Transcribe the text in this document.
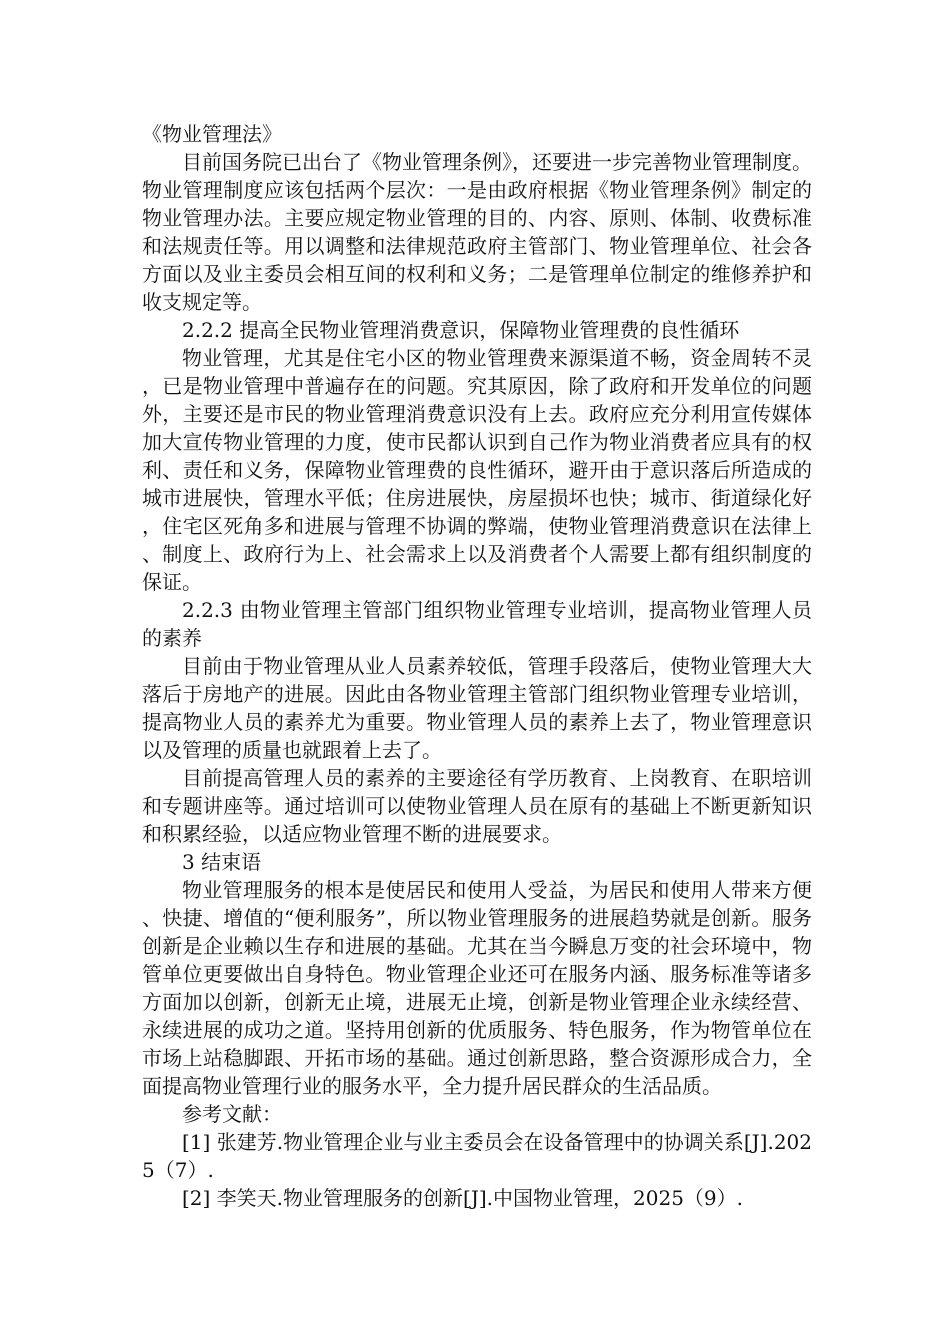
《物业管理法》

目前国务院已出台了《物业管理条例》，还要进一步完善物业管理制度。物业管理制度应该包括两个层次：一是由政府根据《物业管理条例》制定的物业管理办法。主要应规定物业管理的目的、内容、原则、体制、收费标准和法规责任等。用以调整和法律规范政府主管部门、物业管理单位、社会各方面以及业主委员会相互间的权利和义务；二是管理单位制定的维修养护和收支规定等。

2.2.2 提高全民物业管理消费意识，保障物业管理费的良性循环

物业管理，尤其是住宅小区的物业管理费来源渠道不畅，资金周转不灵，已是物业管理中普遍存在的问题。究其原因，除了政府和开发单位的问题外，主要还是市民的物业管理消费意识没有上去。政府应充分利用宣传媒体加大宣传物业管理的力度，使市民都认识到自己作为物业消费者应具有的权利、责任和义务，保障物业管理费的良性循环，避开由于意识落后所造成的城市进展快，管理水平低；住房进展快，房屋损坏也快；城市、街道绿化好，住宅区死角多和进展与管理不协调的弊端，使物业管理消费意识在法律上、制度上、政府行为上、社会需求上以及消费者个人需要上都有组织制度的保证。

2.2.3 由物业管理主管部门组织物业管理专业培训，提高物业管理人员的素养

目前由于物业管理从业人员素养较低，管理手段落后，使物业管理大大落后于房地产的进展。因此由各物业管理主管部门组织物业管理专业培训，提高物业人员的素养尤为重要。物业管理人员的素养上去了，物业管理意识以及管理的质量也就跟着上去了。

目前提高管理人员的素养的主要途径有学历教育、上岗教育、在职培训和专题讲座等。通过培训可以使物业管理人员在原有的基础上不断更新知识和积累经验，以适应物业管理不断的进展要求。

3 结束语

物业管理服务的根本是使居民和使用人受益，为居民和使用人带来方便、快捷、增值的“便利服务”，所以物业管理服务的进展趋势就是创新。服务创新是企业赖以生存和进展的基础。尤其在当今瞬息万变的社会环境中，物管单位更要做出自身特色。物业管理企业还可在服务内涵、服务标准等诸多方面加以创新，创新无止境，进展无止境，创新是物业管理企业永续经营、永续进展的成功之道。坚持用创新的优质服务、特色服务，作为物管单位在市场上站稳脚跟、开拓市场的基础。通过创新思路，整合资源形成合力，全面提高物业管理行业的服务水平，全力提升居民群众的生活品质。

参考文献：

[1] 张建芳.物业管理企业与业主委员会在设备管理中的协调关系[J].2025（7）.

[2] 李笑天.物业管理服务的创新[J].中国物业管理，2025（9）.
